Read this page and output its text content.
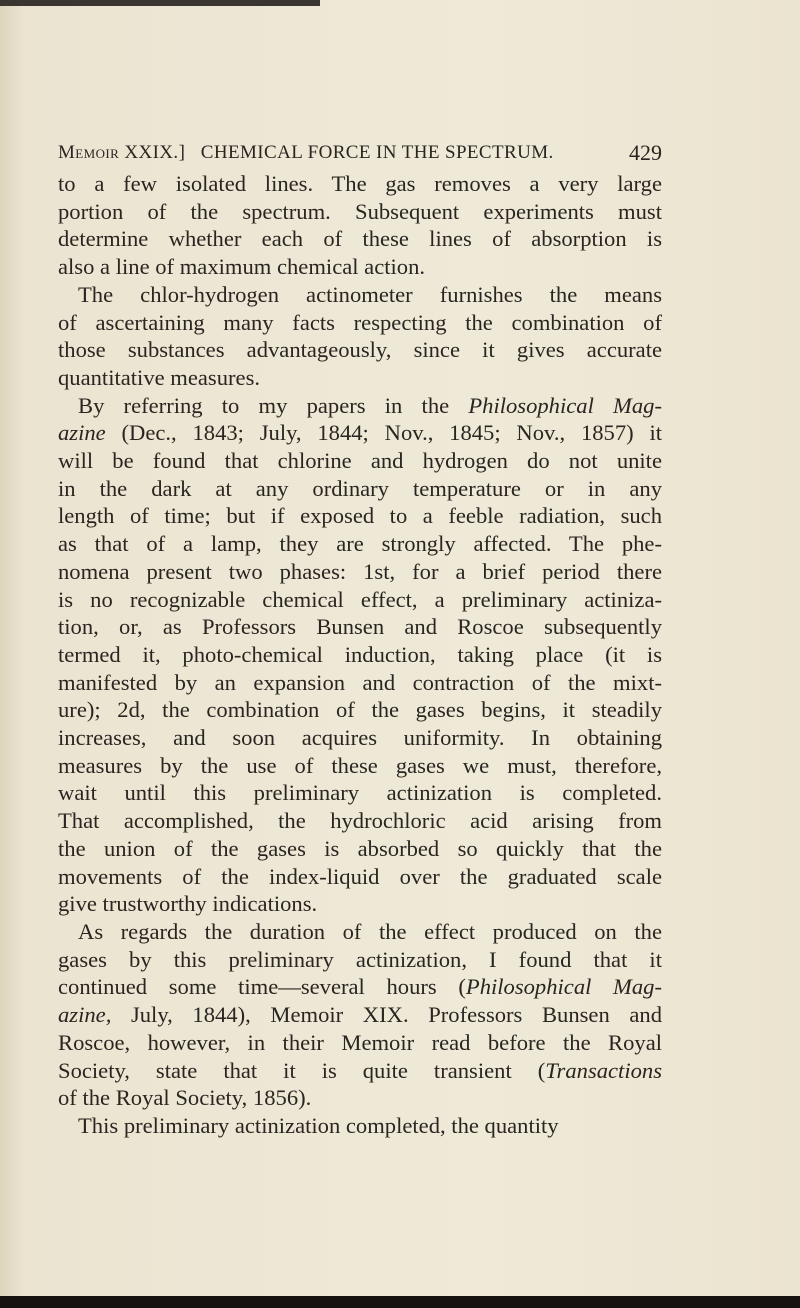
Memoir XXIX.] CHEMICAL FORCE IN THE SPECTRUM.	429
to a few isolated lines. The gas removes a very large
portion of the spectrum. Subsequent experiments must
determine whether each of these lines of absorption is
also a line of maximum chemical action.
The chlor-hydrogen actinometer furnishes the means
of ascertaining many facts respecting the combination of
those substances advantageously, since it gives accurate
quantitative measures.
By referring to my papers in the Philosophical Mag-
azine (Dec., 1843; July, 1844; Nov., 1845; Nov., 1857) it
will be found that chlorine and hydrogen do not unite
in the dark at any ordinary temperature or in any
length of time; but if exposed to a feeble radiation, such
as that of a lamp, they are strongly affected. The phe-
nomena present two phases: 1st, for a brief period there
is no recognizable chemical effect, a preliminary actiniza-
tion, or, as Professors Bunsen and Roscoe subsequently
termed it, photo-chemical induction, taking place (it is
manifested by an expansion and contraction of the mixt-
ure); 2d, the combination of the gases begins, it steadily
increases, and soon acquires uniformity. In obtaining
measures by the use of these gases we must, therefore,
wait until this preliminary actinization is completed.
That accomplished, the hydrochloric acid arising from
the union of the gases is absorbed so quickly that the
movements of the index-liquid over the graduated scale
give trustworthy indications.
As regards the duration of the effect produced on the
gases by this preliminary actinization, I found that it
continued some time—several hours (Philosophical Mag-
azine, July, 1844), Memoir XIX. Professors Bunsen and
Roscoe, however, in their Memoir read before the Royal
Society, state that it is quite transient (Transactions
of the Royal Society, 1856).
This preliminary actinization completed, the quantity
